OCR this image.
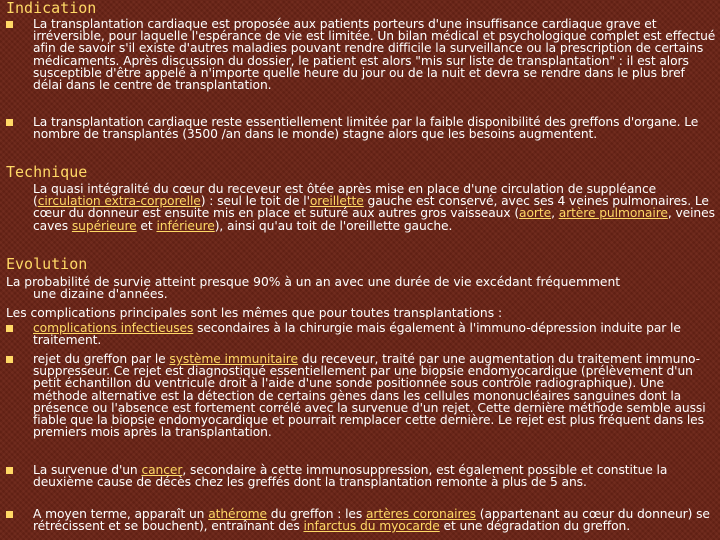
Indication
La transplantation cardiaque est proposée aux patients porteurs d'une insuffisance cardiaque grave et irréversible, pour laquelle l'espérance de vie est limitée. Un bilan médical et psychologique complet est effectué afin de savoir s'il existe d'autres maladies pouvant rendre difficile la surveillance ou la prescription de certains médicaments. Après discussion du dossier, le patient est alors "mis sur liste de transplantation" : il est alors susceptible d'être appelé à n'importe quelle heure du jour ou de la nuit et devra se rendre dans le plus bref délai dans le centre de transplantation.
La transplantation cardiaque reste essentiellement limitée par la faible disponibilité des greffons d'organe. Le nombre de transplantés (3500 /an dans le monde) stagne alors que les besoins augmentent.
Technique
La quasi intégralité du cœur du receveur est ôtée après mise en place d'une circulation de suppléance (circulation extra-corporelle) : seul le toit de l'oreillette gauche est conservé, avec ses 4 veines pulmonaires. Le cœur du donneur est ensuite mis en place et suturé aux autres gros vaisseaux (aorte, artère pulmonaire, veines caves supérieure et inférieure), ainsi qu'au toit de l'oreillette gauche.
Evolution
La probabilité de survie atteint presque 90% à un an avec une durée de vie excédant fréquemment
une dizaine d'années.
Les complications principales sont les mêmes que pour toutes transplantations :
complications infectieuses secondaires à la chirurgie mais également à l'immuno-dépression induite par le traitement.
rejet du greffon par le système immunitaire du receveur, traité par une augmentation du traitement immuno-suppresseur. Ce rejet est diagnostiqué essentiellement par une biopsie endomyocardique (prélèvement d'un petit échantillon du ventricule droit à l'aide d'une sonde positionnée sous contrôle radiographique). Une méthode alternative est la détection de certains gènes dans les cellules mononucléaires sanguines dont la présence ou l'absence est fortement corrélé avec la survenue d'un rejet. Cette dernière méthode semble aussi fiable que la biopsie endomyocardique et pourrait remplacer cette dernière. Le rejet est plus fréquent dans les premiers mois après la transplantation.
La survenue d'un cancer, secondaire à cette immunosuppression, est également possible et constitue la deuxième cause de décès chez les greffés dont la transplantation remonte à plus de 5 ans.
A moyen terme, apparaît un athérome du greffon : les artères coronaires (appartenant au cœur du donneur) se rétrécissent et se bouchent), entraînant des infarctus du myocarde et une dégradation du greffon.
